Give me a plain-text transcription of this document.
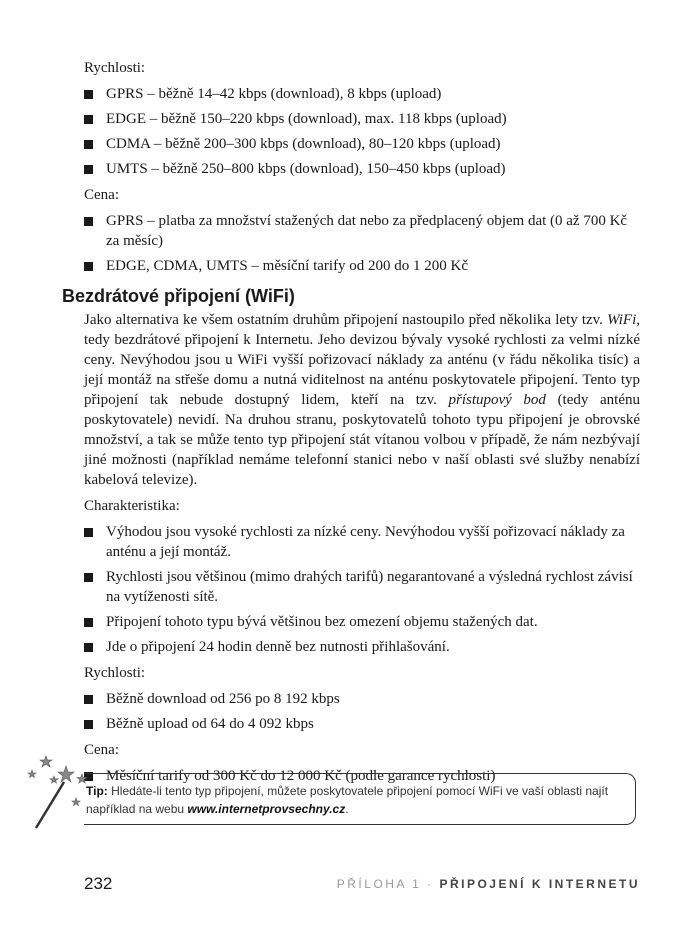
Rychlosti:

GPRS – běžně 14–42 kbps (download), 8 kbps (upload)
EDGE – běžně 150–220 kbps (download), max. 118 kbps (upload)
CDMA – běžně 200–300 kbps (download), 80–120 kbps (upload)
UMTS – běžně 250–800 kbps (download), 150–450 kbps (upload)

Cena:

GPRS – platba za množství stažených dat nebo za předplacený objem dat (0 až 700 Kč za měsíc)
EDGE, CDMA, UMTS – měsíční tarify od 200 do 1 200 Kč
Bezdrátové připojení (WiFi)

Jako alternativa ke všem ostatním druhům připojení nastoupilo před několika lety tzv. WiFi, tedy bezdrátové připojení k Internetu. Jeho devizou bývaly vysoké rychlosti za velmi nízké ceny. Nevýhodou jsou u WiFi vyšší pořizovací náklady za anténu (v řádu několika tisíc) a její montáž na střeše domu a nutná viditelnost na anténu poskytovatele připojení. Tento typ připojení tak nebude dostupný lidem, kteří na tzv. přístupový bod (tedy anténu poskytovatele) nevidí. Na druhou stranu, poskytovatelů tohoto typu připojení je obrovské množství, a tak se může tento typ připojení stát vítanou volbou v případě, že nám nezbývají jiné možnosti (například nemáme telefonní stanici nebo v naší oblasti své služby nenabízí kabelová televize).

Charakteristika:

Výhodou jsou vysoké rychlosti za nízké ceny. Nevýhodou vyšší pořizovací náklady za anténu a její montáž.
Rychlosti jsou většinou (mimo drahých tarifů) negarantované a výsledná rychlost závisí na vytíženosti sítě.
Připojení tohoto typu bývá většinou bez omezení objemu stažených dat.
Jde o připojení 24 hodin denně bez nutnosti přihlašování.

Rychlosti:

Běžně download od 256 po 8 192 kbps
Běžně upload od 64 do 4 092 kbps

Cena:

Měsíční tarify od 300 Kč do 12 000 Kč (podle garance rychlosti)
Tip: Hledáte-li tento typ připojení, můžete poskytovatele připojení pomocí WiFi ve vaší oblasti najít například na webu www.internetprovsechny.cz.
232	PŘÍLOHA 1 · PŘIPOJENÍ K INTERNETU
